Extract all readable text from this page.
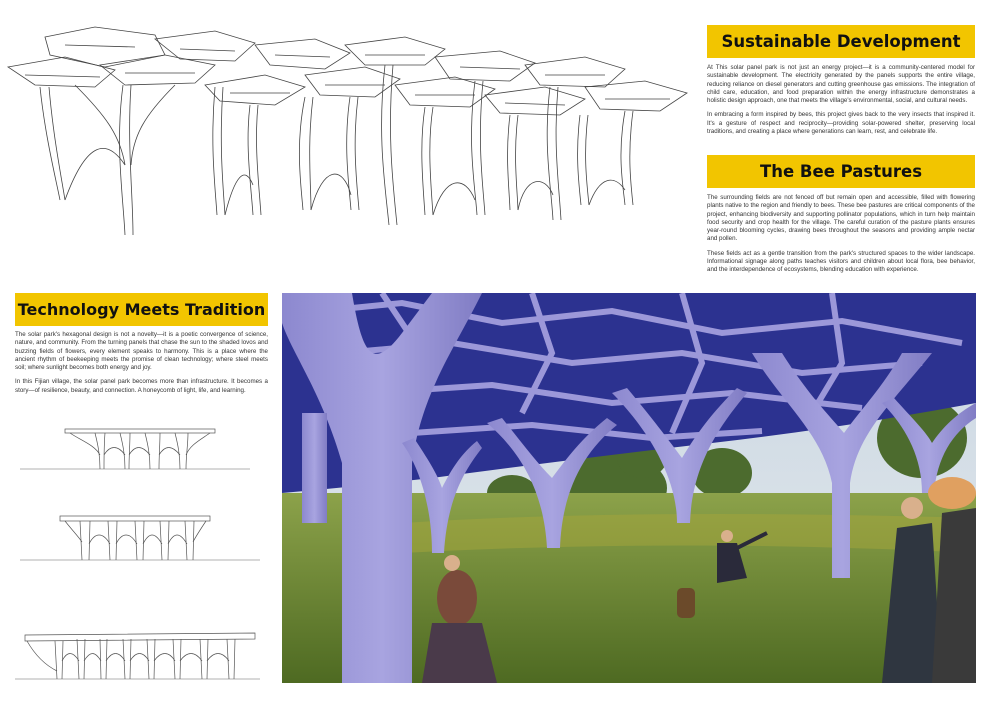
Sustainable Development

At This solar panel park is not just an energy project—it is a community-centered model for sustainable development. The electricity generated by the panels supports the entire village, reducing reliance on diesel generators and cutting greenhouse gas emissions. The integration of child care, education, and food preparation within the energy infrastructure demonstrates a holistic design approach, one that meets the village's environmental, social, and cultural needs.

In embracing a form inspired by bees, this project gives back to the very insects that inspired it. It's a gesture of respect and reciprocity—providing solar-powered shelter, preserving local traditions, and creating a place where generations can learn, rest, and celebrate life.

The Bee Pastures

The surrounding fields are not fenced off but remain open and accessible, filled with flowering plants native to the region and friendly to bees. These bee pastures are critical components of the project, enhancing biodiversity and supporting pollinator populations, which in turn help maintain food security and crop health for the village. The careful curation of the pasture plants ensures year-round blooming cycles, drawing bees throughout the seasons and providing ample nectar and pollen.

These fields act as a gentle transition from the park's structured spaces to the wider landscape. Informational signage along paths teaches visitors and children about local flora, bee behavior, and the interdependence of ecosystems, blending education with experience.

Technology Meets Tradition

The solar park's hexagonal design is not a novelty—it is a poetic convergence of science, nature, and community. From the turning panels that chase the sun to the shaded lovos and buzzing fields of flowers, every element speaks to harmony. This is a place where the ancient rhythm of beekeeping meets the promise of clean technology; where steel meets soil; where sunlight becomes both energy and joy.

In this Fijian village, the solar panel park becomes more than infrastructure. It becomes a story—of resilience, beauty, and connection. A honeycomb of light, life, and learning.
